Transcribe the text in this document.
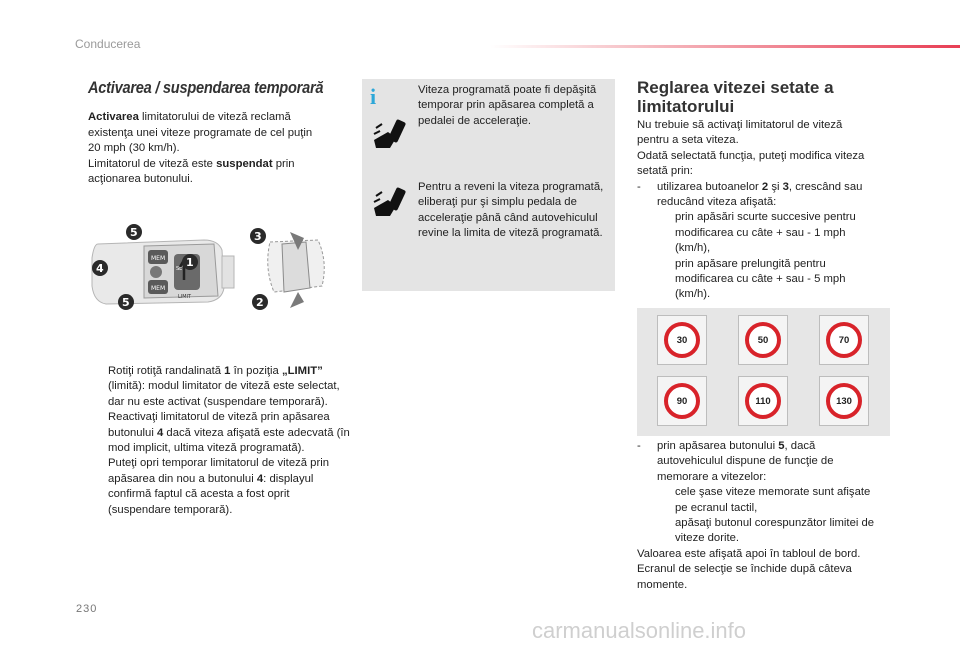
Conducerea
Activarea / suspendarea temporară
Activarea limitatorului de viteză reclamă
existenţa unei viteze programate de cel puţin
20 mph (30 km/h).
Limitatorul de viteză este suspendat prin
acţionarea butonului.
MEM
MEM
SET
LIMIT
5
4
5
1
3
2
Rotiţi rotiţă randalinată 1 în poziţia „LIMIT” (limită): modul limitator de viteză este selectat, dar nu este activat (suspendare temporară).
Reactivaţi limitatorul de viteză prin apăsarea butonului 4 dacă viteza afişată este adecvată (în mod implicit, ultima viteză programată).
Puteţi opri temporar limitatorul de viteză prin apăsarea din nou a butonului 4: displayul confirmă faptul că acesta a fost oprit (suspendare temporară).
i	Viteza programată poate fi depăşită temporar prin apăsarea completă a pedalei de acceleraţie.
Pentru a reveni la viteza programată, eliberaţi pur şi simplu pedala de acceleraţie până când autovehiculul revine la limita de viteză programată.
Reglarea vitezei setate a limitatorului
Nu trebuie să activaţi limitatorul de viteză
pentru a seta viteza.
Odată selectată funcţia, puteţi modifica viteza
setată prin:
- utilizarea butoanelor 2 şi 3, crescând sau
reducând viteza afişată:
prin apăsări scurte succesive pentru
modificarea cu câte + sau - 1 mph
(km/h),
prin apăsare prelungită pentru
modificarea cu câte + sau - 5 mph
(km/h).
30	50	70
90	110	130
- prin apăsarea butonului 5, dacă
autovehiculul dispune de funcţie de
memorare a vitezelor:
cele şase viteze memorate sunt afişate
pe ecranul tactil,
apăsaţi butonul corespunzător limitei de
viteze dorite.
Valoarea este afişată apoi în tabloul de bord.
Ecranul de selecţie se închide după câteva
momente.
230
carmanualsonline.info
